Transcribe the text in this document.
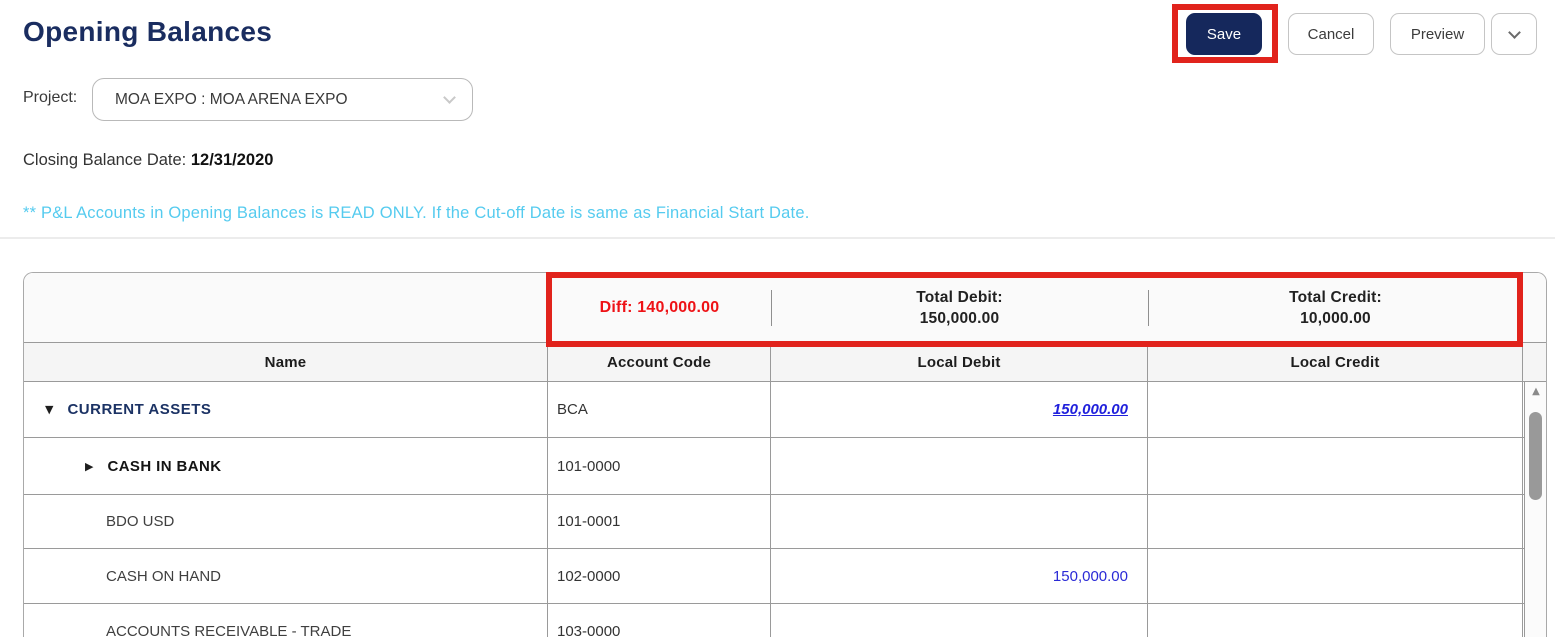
Opening Balances	Save	Cancel	Preview
Project: MOA EXPO : MOA ARENA EXPO
Closing Balance Date: 12/31/2020
** P&L Accounts in Opening Balances is READ ONLY. If the Cut-off Date is same as Financial Start Date.
Diff: 140,000.00
Total Debit:
150,000.00
Total Credit:
10,000.00
Name	Account Code	Local Debit	Local Credit
▼ CURRENT ASSETS	BCA	150,000.00
▶ CASH IN BANK	101-0000
BDO USD	101-0001
CASH ON HAND	102-0000	150,000.00
ACCOUNTS RECEIVABLE - TRADE	103-0000
▲
